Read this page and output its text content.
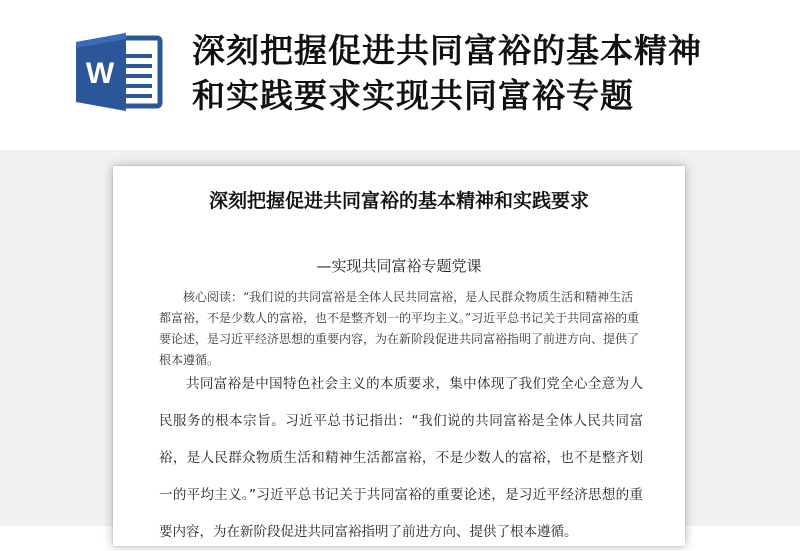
W
深刻把握促进共同富裕的基本精神和实践要求实现共同富裕专题
深刻把握促进共同富裕的基本精神和实践要求
—实现共同富裕专题党课

核心阅读：“我们说的共同富裕是全体人民共同富裕，是人民群众物质生活和精神生活都富裕，不是少数人的富裕，也不是整齐划一的平均主义。”习近平总书记关于共同富裕的重要论述，是习近平经济思想的重要内容，为在新阶段促进共同富裕指明了前进方向、提供了根本遵循。

共同富裕是中国特色社会主义的本质要求，集中体现了我们党全心全意为人民服务的根本宗旨。习近平总书记指出：“我们说的共同富裕是全体人民共同富裕，是人民群众物质生活和精神生活都富裕，不是少数人的富裕，也不是整齐划一的平均主义。”习近平总书记关于共同富裕的重要论述，是习近平经济思想的重要内容，为在新阶段促进共同富裕指明了前进方向、提供了根本遵循。
